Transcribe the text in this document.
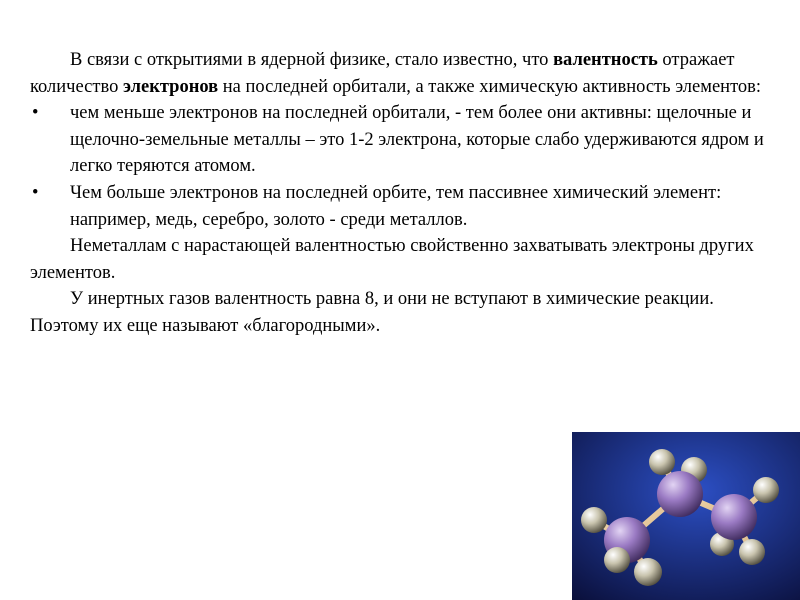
В связи с открытиями в ядерной физике, стало известно, что валентность отражает количество электронов на последней орбитали, а также химическую активность элементов:

• чем меньше электронов на последней орбитали, - тем более они активны: щелочные и щелочно-земельные металлы – это 1-2 электрона, которые слабо удерживаются ядром и легко теряются атомом.

• Чем больше электронов на последней орбите, тем пассивнее химический элемент: например, медь, серебро, золото - среди металлов.

Неметаллам с нарастающей валентностью свойственно захватывать электроны других элементов.

У инертных газов валентность равна 8, и они не вступают в химические реакции. Поэтому их еще называют «благородными».
